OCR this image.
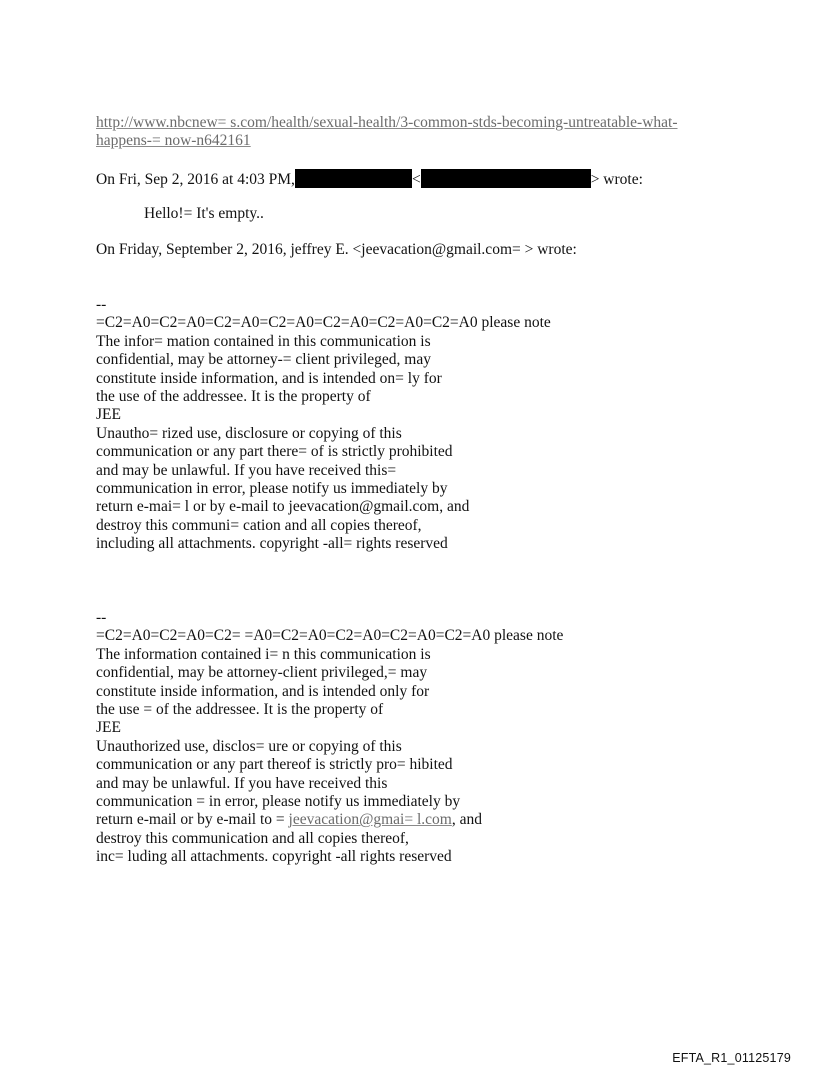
http://www.nbcnew= s.com/health/sexual-health/3-common-stds-becoming-untreatable-what-
happens-= now-n642161
On Fri, Sep 2, 2016 at 4:03 PM,	<	> wrote:
Hello!= It's empty..
On Friday, September 2, 2016, jeffrey E. <jeevacation@gmail.com= > wrote:
--
=C2=A0=C2=A0=C2=A0=C2=A0=C2=A0=C2=A0=C2=A0 please note
The infor= mation contained in this communication is
confidential, may be attorney-= client privileged, may
constitute inside information, and is intended on= ly for
the use of the addressee. It is the property of
JEE
Unautho= rized use, disclosure or copying of this
communication or any part there= of is strictly prohibited
and may be unlawful. If you have received this=
communication in error, please notify us immediately by
return e-mai= l or by e-mail to jeevacation@gmail.com, and
destroy this communi= cation and all copies thereof,
including all attachments. copyright -all= rights reserved
--
=C2=A0=C2=A0=C2= =A0=C2=A0=C2=A0=C2=A0=C2=A0 please note
The information contained i= n this communication is
confidential, may be attorney-client privileged,= may
constitute inside information, and is intended only for
the use = of the addressee. It is the property of
JEE
Unauthorized use, disclos= ure or copying of this
communication or any part thereof is strictly pro= hibited
and may be unlawful. If you have received this
communication = in error, please notify us immediately by
return e-mail or by e-mail to = jeevacation@gmai= l.com, and
destroy this communication and all copies thereof,
inc= luding all attachments. copyright -all rights reserved
EFTA_R1_01125179
